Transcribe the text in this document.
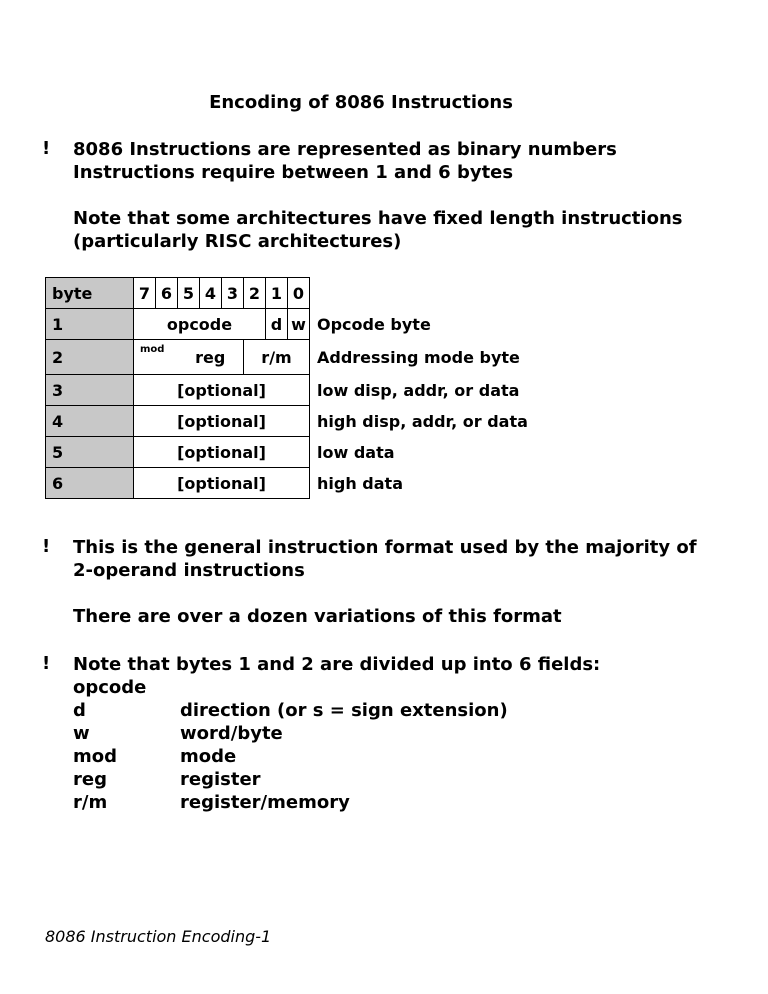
Encoding of 8086 Instructions
! 8086 Instructions are represented as binary numbers
Instructions require between 1 and 6 bytes
Note that some architectures have fixed length instructions
(particularly RISC architectures)
byte	7	6	5	4	3	2	1	0	
1	opcode						d	w	Opcode byte
2	mod		reg			r/m			Addressing mode byte
3	[optional]								low disp, addr, or data
4	[optional]								high disp, addr, or data
5	[optional]								low data
6	[optional]								high data
! This is the general instruction format used by the majority of
2-operand instructions
There are over a dozen variations of this format
! Note that bytes 1 and 2 are divided up into 6 fields:
opcode
d	direction (or s = sign extension)
w	word/byte
mod	mode
reg	register
r/m	register/memory
8086 Instruction Encoding-1
